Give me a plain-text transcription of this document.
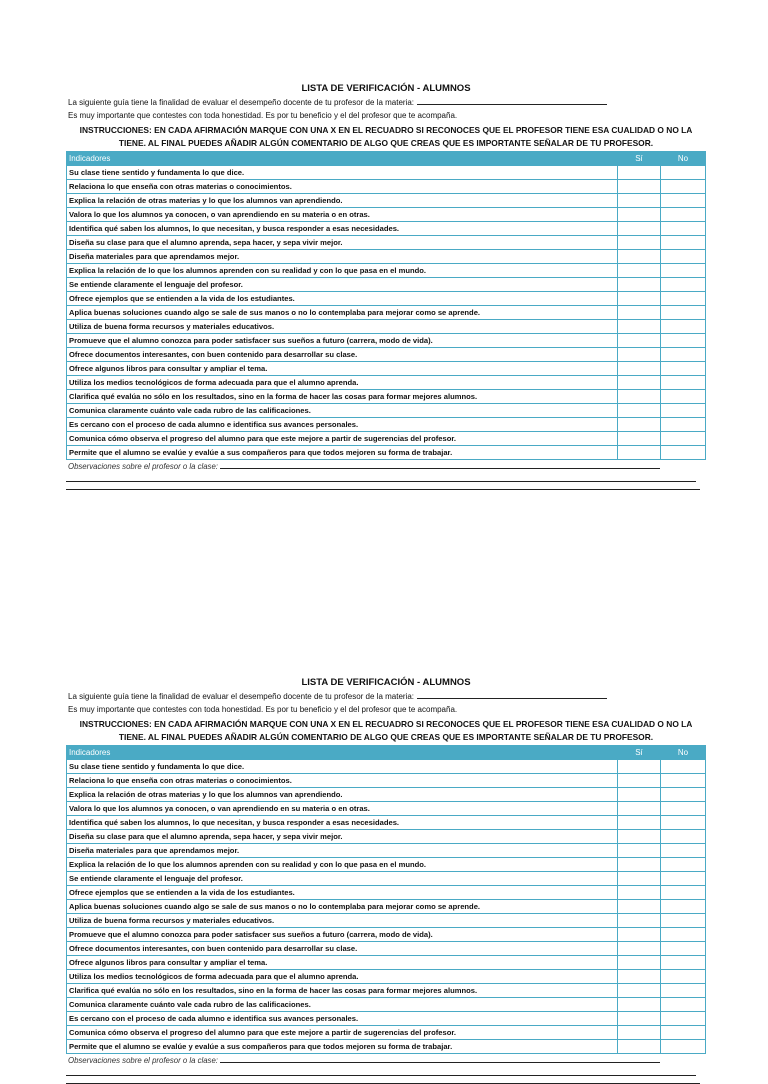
LISTA DE VERIFICACIÓN - ALUMNOS
La siguiente guía tiene la finalidad de evaluar el desempeño docente de tu profesor de la materia:
Es muy importante que contestes con toda honestidad. Es por tu beneficio y el del profesor que te acompaña.
INSTRUCCIONES: EN CADA AFIRMACIÓN MARQUE CON UNA X EN EL RECUADRO SI RECONOCES QUE EL PROFESOR TIENE ESA CUALIDAD O NO LA TIENE. AL FINAL PUEDES AÑADIR ALGÚN COMENTARIO DE ALGO QUE CREAS QUE ES IMPORTANTE SEÑALAR DE TU PROFESOR.
Indicadores	Sí	No
Su clase tiene sentido y fundamenta lo que dice.		
Relaciona lo que enseña con otras materias o conocimientos.		
Explica la relación de otras materias y lo que los alumnos van aprendiendo.		
Valora lo que los alumnos ya conocen, o van aprendiendo en su materia o en otras.		
Identifica qué saben los alumnos, lo que necesitan, y busca responder a esas necesidades.		
Diseña su clase para que el alumno aprenda, sepa hacer, y sepa vivir mejor.		
Diseña materiales para que aprendamos mejor.		
Explica la relación de lo que los alumnos aprenden con su realidad y con lo que pasa en el mundo.		
Se entiende claramente el lenguaje del profesor.		
Ofrece ejemplos que se entienden a la vida de los estudiantes.		
Aplica buenas soluciones cuando algo se sale de sus manos o no lo contemplaba para mejorar como se aprende.		
Utiliza de buena forma recursos y materiales educativos.		
Promueve que el alumno conozca para poder satisfacer sus sueños a futuro (carrera, modo de vida).		
Ofrece documentos interesantes, con buen contenido para desarrollar su clase.		
Ofrece algunos libros para consultar y ampliar el tema.		
Utiliza los medios tecnológicos de forma adecuada para que el alumno aprenda.		
Clarifica qué evalúa no sólo en los resultados, sino en la forma de hacer las cosas para formar mejores alumnos.		
Comunica claramente cuánto vale cada rubro de las calificaciones.		
Es cercano con el proceso de cada alumno e identifica sus avances personales.		
Comunica cómo observa el progreso del alumno para que este mejore a partir de sugerencias del profesor.		
Permite que el alumno se evalúe y evalúe a sus compañeros para que todos mejoren su forma de trabajar.		
Observaciones sobre el profesor o la clase:
LISTA DE VERIFICACIÓN - ALUMNOS
La siguiente guía tiene la finalidad de evaluar el desempeño docente de tu profesor de la materia:
Es muy importante que contestes con toda honestidad. Es por tu beneficio y el del profesor que te acompaña.
INSTRUCCIONES: EN CADA AFIRMACIÓN MARQUE CON UNA X EN EL RECUADRO SI RECONOCES QUE EL PROFESOR TIENE ESA CUALIDAD O NO LA TIENE. AL FINAL PUEDES AÑADIR ALGÚN COMENTARIO DE ALGO QUE CREAS QUE ES IMPORTANTE SEÑALAR DE TU PROFESOR.
Indicadores	Sí	No
Su clase tiene sentido y fundamenta lo que dice.		
Relaciona lo que enseña con otras materias o conocimientos.		
Explica la relación de otras materias y lo que los alumnos van aprendiendo.		
Valora lo que los alumnos ya conocen, o van aprendiendo en su materia o en otras.		
Identifica qué saben los alumnos, lo que necesitan, y busca responder a esas necesidades.		
Diseña su clase para que el alumno aprenda, sepa hacer, y sepa vivir mejor.		
Diseña materiales para que aprendamos mejor.		
Explica la relación de lo que los alumnos aprenden con su realidad y con lo que pasa en el mundo.		
Se entiende claramente el lenguaje del profesor.		
Ofrece ejemplos que se entienden a la vida de los estudiantes.		
Aplica buenas soluciones cuando algo se sale de sus manos o no lo contemplaba para mejorar como se aprende.		
Utiliza de buena forma recursos y materiales educativos.		
Promueve que el alumno conozca para poder satisfacer sus sueños a futuro (carrera, modo de vida).		
Ofrece documentos interesantes, con buen contenido para desarrollar su clase.		
Ofrece algunos libros para consultar y ampliar el tema.		
Utiliza los medios tecnológicos de forma adecuada para que el alumno aprenda.		
Clarifica qué evalúa no sólo en los resultados, sino en la forma de hacer las cosas para formar mejores alumnos.		
Comunica claramente cuánto vale cada rubro de las calificaciones.		
Es cercano con el proceso de cada alumno e identifica sus avances personales.		
Comunica cómo observa el progreso del alumno para que este mejore a partir de sugerencias del profesor.		
Permite que el alumno se evalúe y evalúe a sus compañeros para que todos mejoren su forma de trabajar.		
Observaciones sobre el profesor o la clase:
